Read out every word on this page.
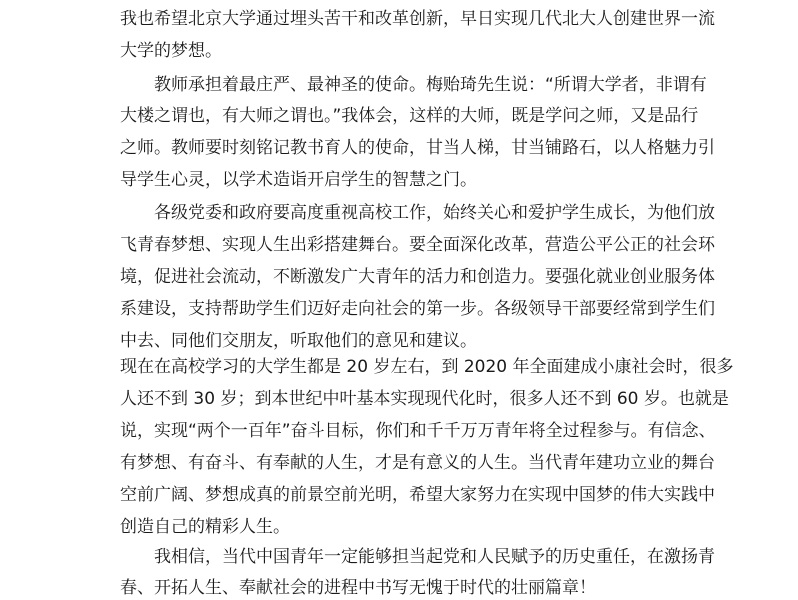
我也希望北京大学通过埋头苦干和改革创新，早日实现几代北大人创建世界一流
大学的梦想。
教师承担着最庄严、最神圣的使命。梅贻琦先生说：“所谓大学者，非谓有
大楼之谓也，有大师之谓也。”我体会，这样的大师，既是学问之师，又是品行
之师。教师要时刻铭记教书育人的使命，甘当人梯，甘当铺路石，以人格魅力引
导学生心灵，以学术造诣开启学生的智慧之门。
各级党委和政府要高度重视高校工作，始终关心和爱护学生成长，为他们放
飞青春梦想、实现人生出彩搭建舞台。要全面深化改革，营造公平公正的社会环
境，促进社会流动，不断激发广大青年的活力和创造力。要强化就业创业服务体
系建设，支持帮助学生们迈好走向社会的第一步。各级领导干部要经常到学生们
中去、同他们交朋友，听取他们的意见和建议。
现在在高校学习的大学生都是 20 岁左右，到 2020 年全面建成小康社会时，很多
人还不到 30 岁；到本世纪中叶基本实现现代化时，很多人还不到 60 岁。也就是
说，实现“两个一百年”奋斗目标，你们和千千万万青年将全过程参与。有信念、
有梦想、有奋斗、有奉献的人生，才是有意义的人生。当代青年建功立业的舞台
空前广阔、梦想成真的前景空前光明，希望大家努力在实现中国梦的伟大实践中
创造自己的精彩人生。
我相信，当代中国青年一定能够担当起党和人民赋予的历史重任，在激扬青
春、开拓人生、奉献社会的进程中书写无愧于时代的壮丽篇章！
